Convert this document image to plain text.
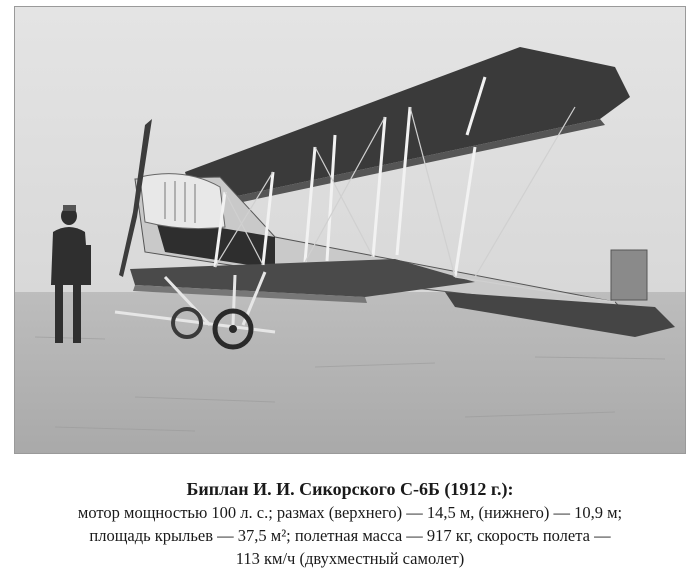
Биплан И. И. Сикорского С-6Б (1912 г.):
мотор мощностью 100 л. с.; размах (верхнего) — 14,5 м, (нижнего) — 10,9 м;
площадь крыльев — 37,5 м²; полетная масса — 917 кг, скорость полета —
113 км/ч (двухместный самолет)
